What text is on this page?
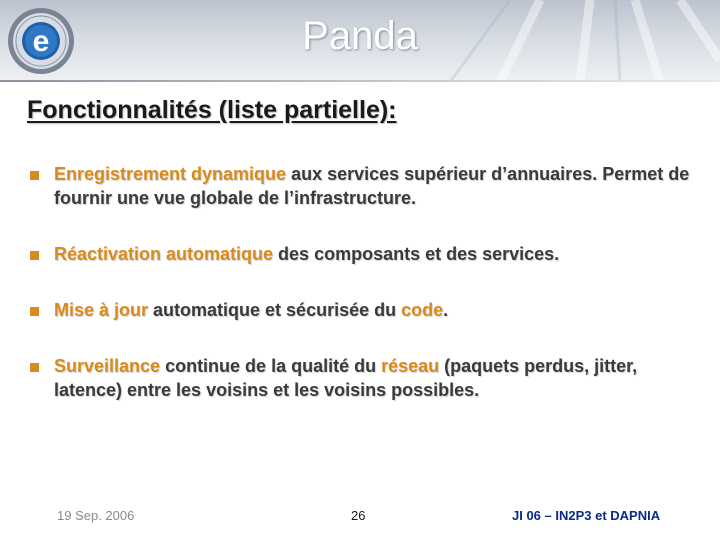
e	Panda
Fonctionnalités (liste partielle):
Enregistrement dynamique aux services supérieur d’annuaires. Permet de fournir une vue globale de l’infrastructure.
Réactivation automatique des composants et des services.
Mise à jour automatique et sécurisée du code.
Surveillance continue de la qualité du réseau (paquets perdus, jitter, latence) entre les voisins et les voisins possibles.
19 Sep. 2006	26	JI 06 – IN2P3 et DAPNIA
